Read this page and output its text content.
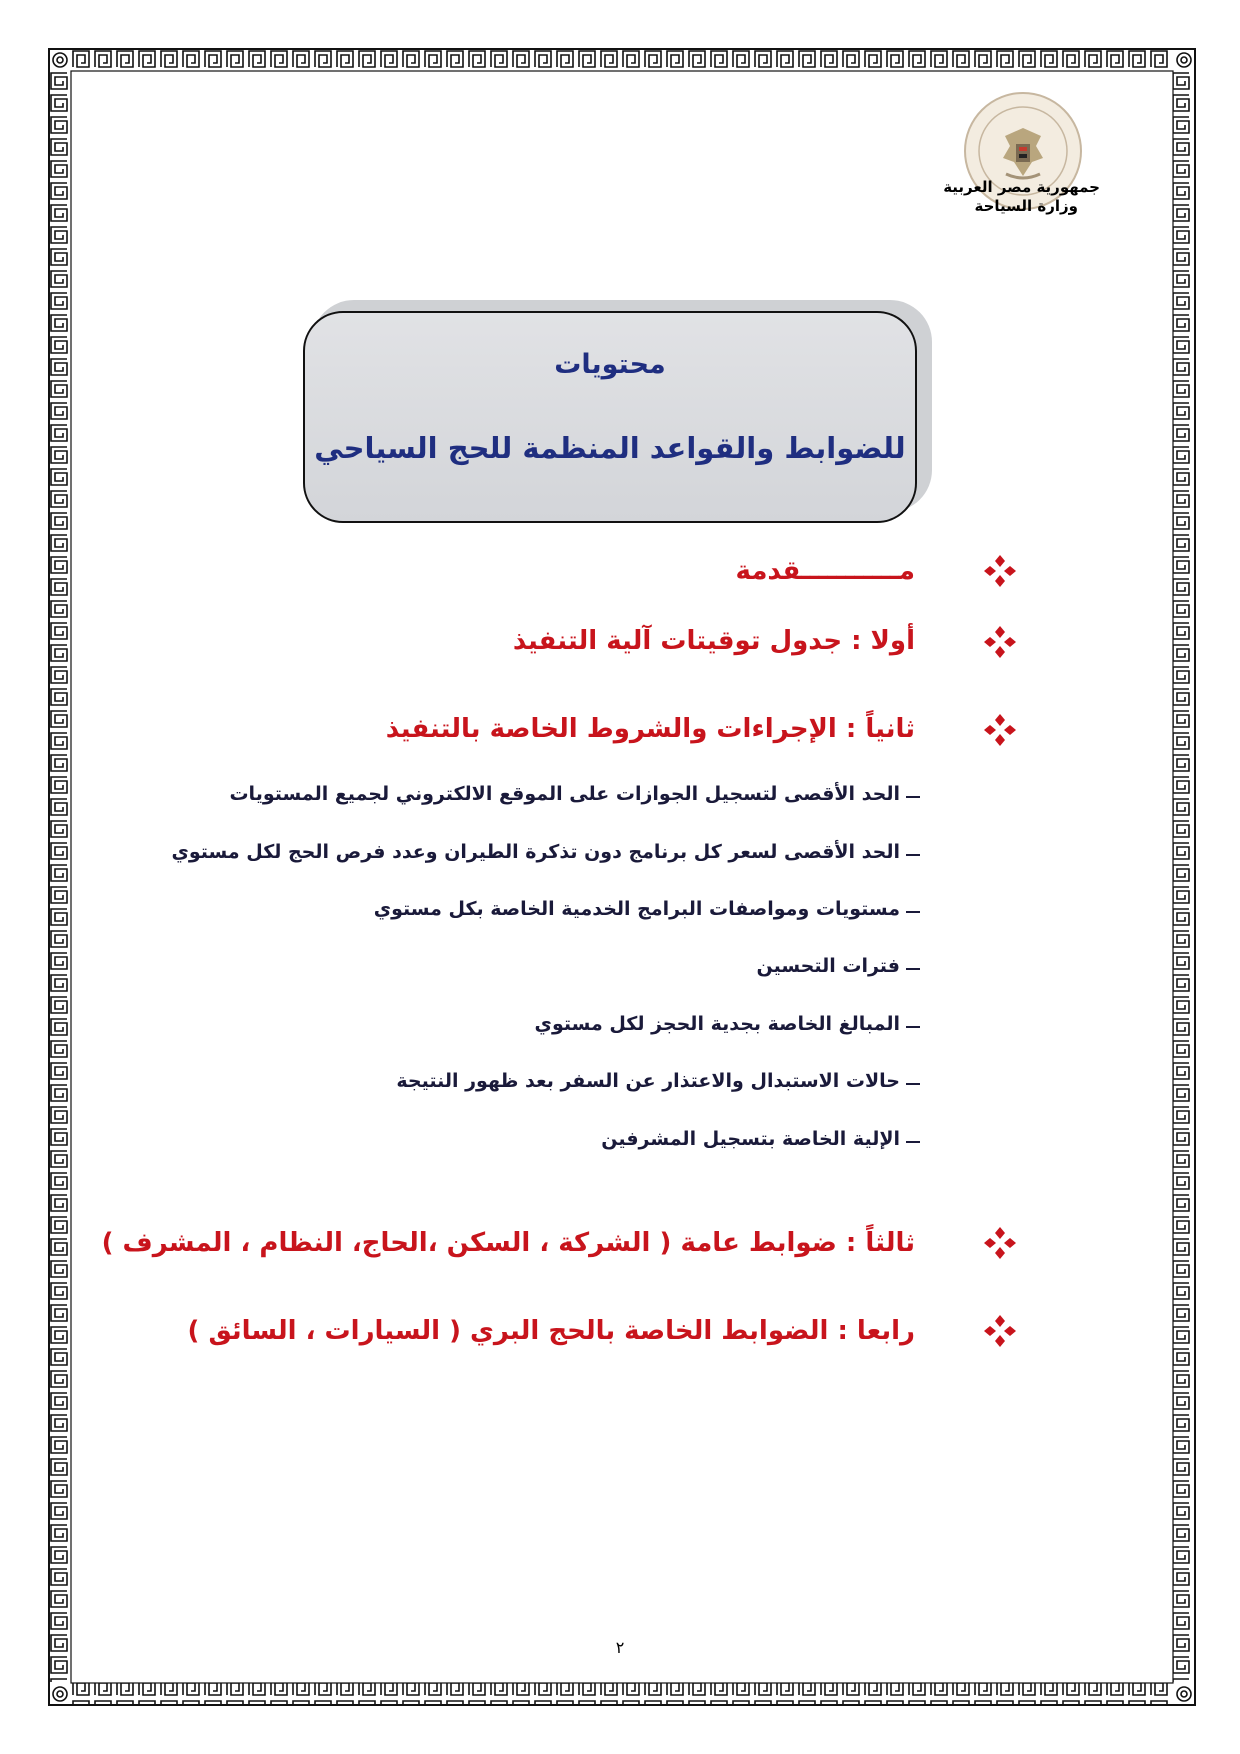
جمهورية مصر العربية
وزارة السياحة
محتويات
للضوابط والقواعد المنظمة للحج السياحي
مـــــــــــقدمة
أولا : جدول توقيتات آلية التنفيذ
ثانياً : الإجراءات والشروط الخاصة بالتنفيذ
الحد الأقصى لتسجيل الجوازات على الموقع الالكتروني لجميع المستويات
الحد الأقصى لسعر كل برنامج دون تذكرة الطيران وعدد فرص الحج لكل مستوي
مستويات ومواصفات البرامج الخدمية الخاصة بكل مستوي
فترات التحسين
المبالغ الخاصة بجدية الحجز لكل مستوي
حالات الاستبدال والاعتذار عن السفر بعد ظهور النتيجة
الإلية الخاصة بتسجيل المشرفين
ثالثاً : ضوابط عامة ( الشركة ، السكن ،الحاج، النظام ، المشرف )
رابعا : الضوابط الخاصة بالحج البري ( السيارات ، السائق )
٢
